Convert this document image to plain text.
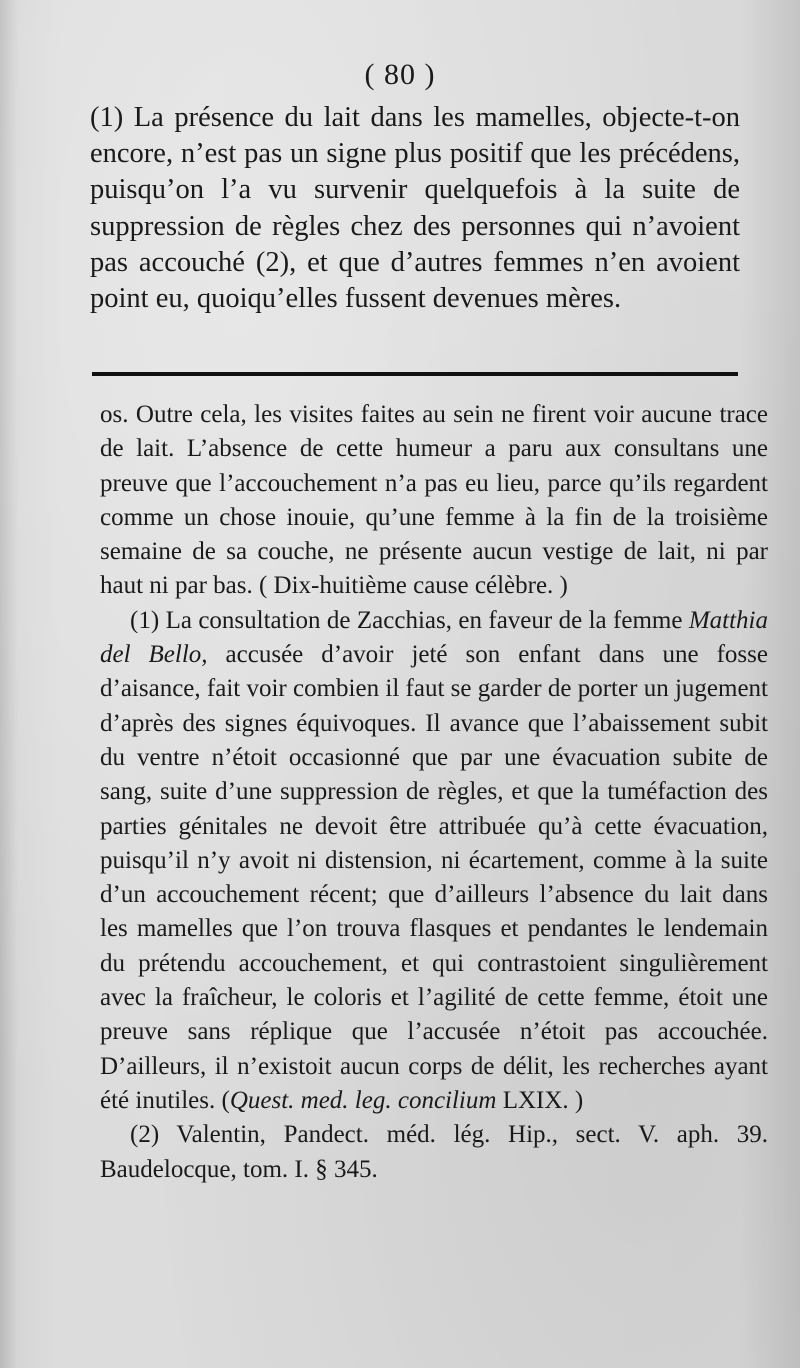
( 80 )
(1) La présence du lait dans les mamelles, objecte-t-on encore, n’est pas un signe plus positif que les précédens, puisqu’on l’a vu survenir quelquefois à la suite de suppression de règles chez des personnes qui n’avoient pas accouché (2), et que d’autres femmes n’en avoient point eu, quoiqu’elles fussent devenues mères.

os. Outre cela, les visites faites au sein ne firent voir aucune trace de lait. L’absence de cette humeur a paru aux consultans une preuve que l’accouchement n’a pas eu lieu, parce qu’ils regardent comme un chose inouie, qu’une femme à la fin de la troisième semaine de sa couche, ne présente aucun vestige de lait, ni par haut ni par bas. ( Dix-huitième cause célèbre. )

(1) La consultation de Zacchias, en faveur de la femme Matthia del Bello, accusée d’avoir jeté son enfant dans une fosse d’aisance, fait voir combien il faut se garder de porter un jugement d’après des signes équivoques. Il avance que l’abaissement subit du ventre n’étoit occasionné que par une évacuation subite de sang, suite d’une suppression de règles, et que la tuméfaction des parties génitales ne devoit être attribuée qu’à cette évacuation, puisqu’il n’y avoit ni distension, ni écartement, comme à la suite d’un accouchement récent; que d’ailleurs l’absence du lait dans les mamelles que l’on trouva flasques et pendantes le lendemain du prétendu accouchement, et qui contrastoient singulièrement avec la fraîcheur, le coloris et l’agilité de cette femme, étoit une preuve sans réplique que l’accusée n’étoit pas accouchée. D’ailleurs, il n’existoit aucun corps de délit, les recherches ayant été inutiles. (Quest. med. leg. concilium LXIX. )

(2) Valentin, Pandect. méd. lég. Hip., sect. V. aph. 39. Baudelocque, tom. I. § 345.
